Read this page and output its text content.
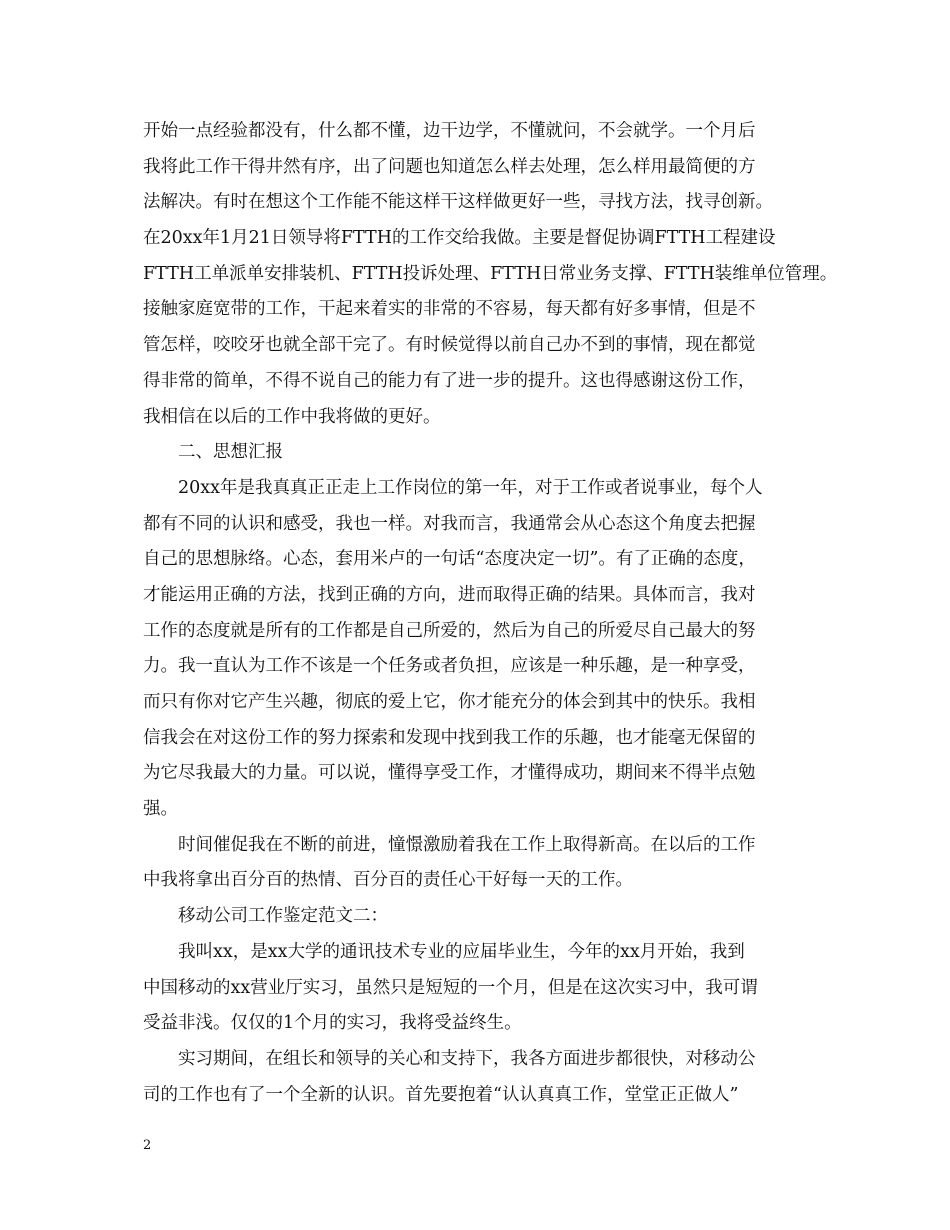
开始一点经验都没有，什么都不懂，边干边学，不懂就问，不会就学。一个月后
我将此工作干得井然有序，出了问题也知道怎么样去处理，怎么样用最简便的方
法解决。有时在想这个工作能不能这样干这样做更好一些，寻找方法，找寻创新。
在20xx年1月21日领导将FTTH的工作交给我做。主要是督促协调FTTH工程建设
FTTH工单派单安排装机、FTTH投诉处理、FTTH日常业务支撑、FTTH装维单位管理。
接触家庭宽带的工作，干起来着实的非常的不容易，每天都有好多事情，但是不
管怎样，咬咬牙也就全部干完了。有时候觉得以前自己办不到的事情，现在都觉
得非常的简单，不得不说自己的能力有了进一步的提升。这也得感谢这份工作，
我相信在以后的工作中我将做的更好。
二、思想汇报
20xx年是我真真正正走上工作岗位的第一年，对于工作或者说事业，每个人
都有不同的认识和感受，我也一样。对我而言，我通常会从心态这个角度去把握
自己的思想脉络。心态，套用米卢的一句话“态度决定一切”。有了正确的态度，
才能运用正确的方法，找到正确的方向，进而取得正确的结果。具体而言，我对
工作的态度就是所有的工作都是自己所爱的，然后为自己的所爱尽自己最大的努
力。我一直认为工作不该是一个任务或者负担，应该是一种乐趣，是一种享受，
而只有你对它产生兴趣，彻底的爱上它，你才能充分的体会到其中的快乐。我相
信我会在对这份工作的努力探索和发现中找到我工作的乐趣，也才能毫无保留的
为它尽我最大的力量。可以说，懂得享受工作，才懂得成功，期间来不得半点勉
强。
时间催促我在不断的前进，憧憬激励着我在工作上取得新高。在以后的工作
中我将拿出百分百的热情、百分百的责任心干好每一天的工作。
移动公司工作鉴定范文二：
我叫xx，是xx大学的通讯技术专业的应届毕业生，今年的xx月开始，我到
中国移动的xx营业厅实习，虽然只是短短的一个月，但是在这次实习中，我可谓
受益非浅。仅仅的1个月的实习，我将受益终生。
实习期间，在组长和领导的关心和支持下，我各方面进步都很快，对移动公
司的工作也有了一个全新的认识。首先要抱着“认认真真工作，堂堂正正做人”
2
